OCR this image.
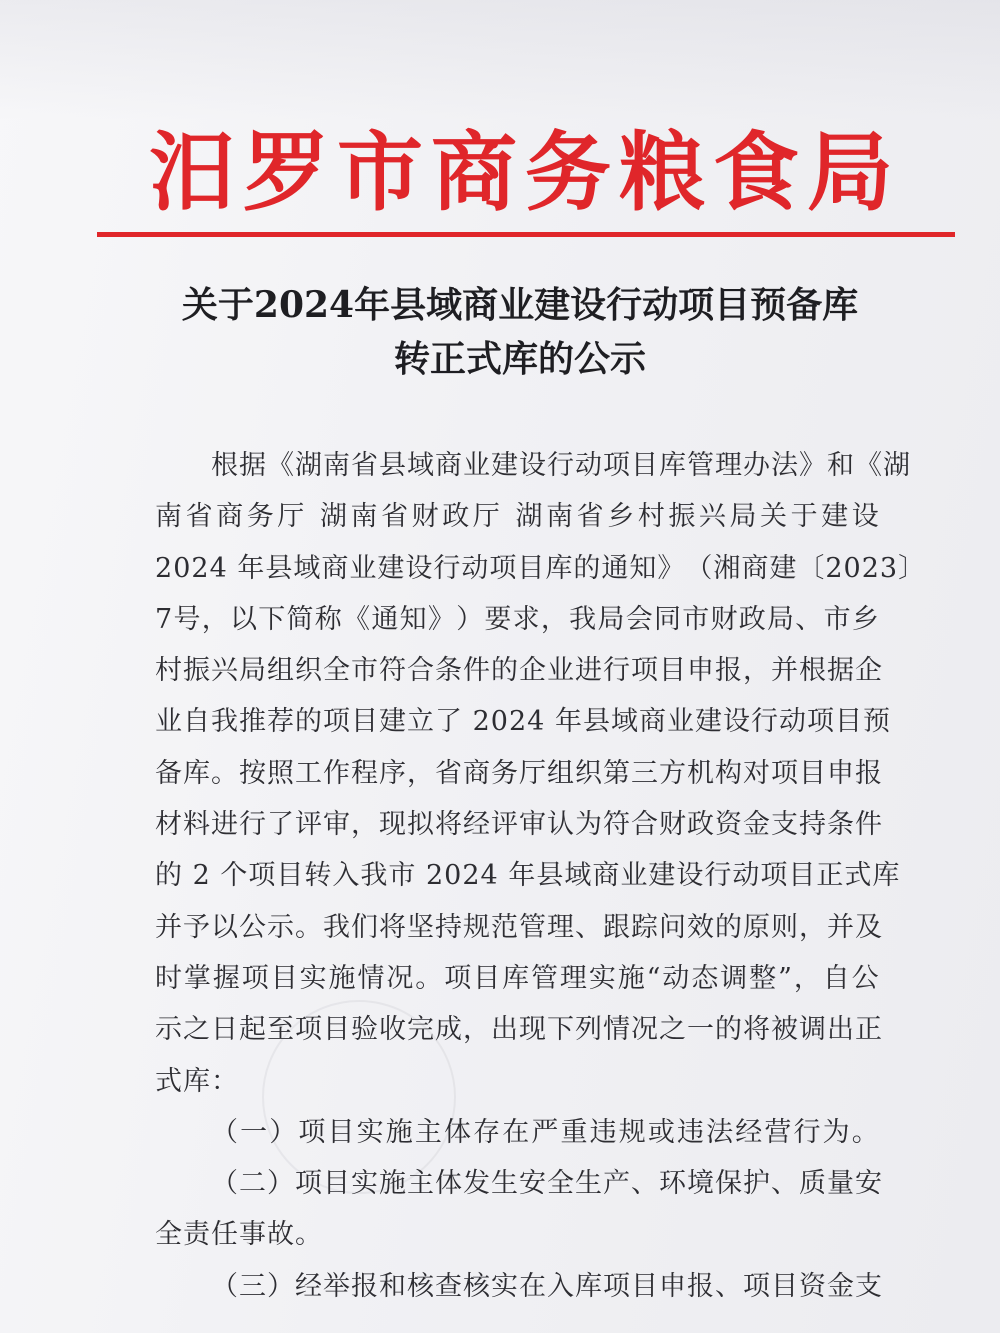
汨罗市商务粮食局
关于2024年县域商业建设行动项目预备库
转正式库的公示
根 据 《 湖 南 省 县 域 商 业 建 设 行 动 项 目 库 管 理 办 法 》 和 《 湖
南 省 商 务 厅
湖 南 省 财 政 厅
湖 南 省 乡 村 振 兴 局 关 于 建 设
2 0 2 4
年 县 域 商 业 建 设 行 动 项 目 库 的 通 知 》 （ 湘 商 建 〔 2 0 2 3 〕
7 号 ， 以 下 简 称 《 通 知 》 ） 要 求 ， 我 局 会 同 市 财 政 局 、 市 乡
村 振 兴 局 组 织 全 市 符 合 条 件 的 企 业 进 行 项 目 申 报 ， 并 根 据 企
业 自 我 推 荐 的 项 目 建 立 了
2 0 2 4
年 县 域 商 业 建 设 行 动 项 目 预
备 库 。 按 照 工 作 程 序 ， 省 商 务 厅 组 织 第 三 方 机 构 对 项 目 申 报
材 料 进 行 了 评 审 ， 现 拟 将 经 评 审 认 为 符 合 财 政 资 金 支 持 条 件
的
2
个 项 目 转 入 我 市
2 0 2 4
年 县 域 商 业 建 设 行 动 项 目 正 式 库
并 予 以 公 示 。 我 们 将 坚 持 规 范 管 理 、 跟 踪 问 效 的 原 则 ， 并 及
时 掌 握 项 目 实 施 情 况 。 项 目 库 管 理 实 施 “ 动 态 调 整 ” ， 自 公
示 之 日 起 至 项 目 验 收 完 成 ， 出 现 下 列 情 况 之 一 的 将 被 调 出 正
式库：
（ 一 ） 项 目 实 施 主 体 存 在 严 重 违 规 或 违 法 经 营 行 为 。
（ 二 ） 项 目 实 施 主 体 发 生 安 全 生 产 、 环 境 保 护 、 质 量 安
全责任事故。
（ 三 ） 经 举 报 和 核 查 核 实 在 入 库 项 目 申 报 、 项 目 资 金 支
